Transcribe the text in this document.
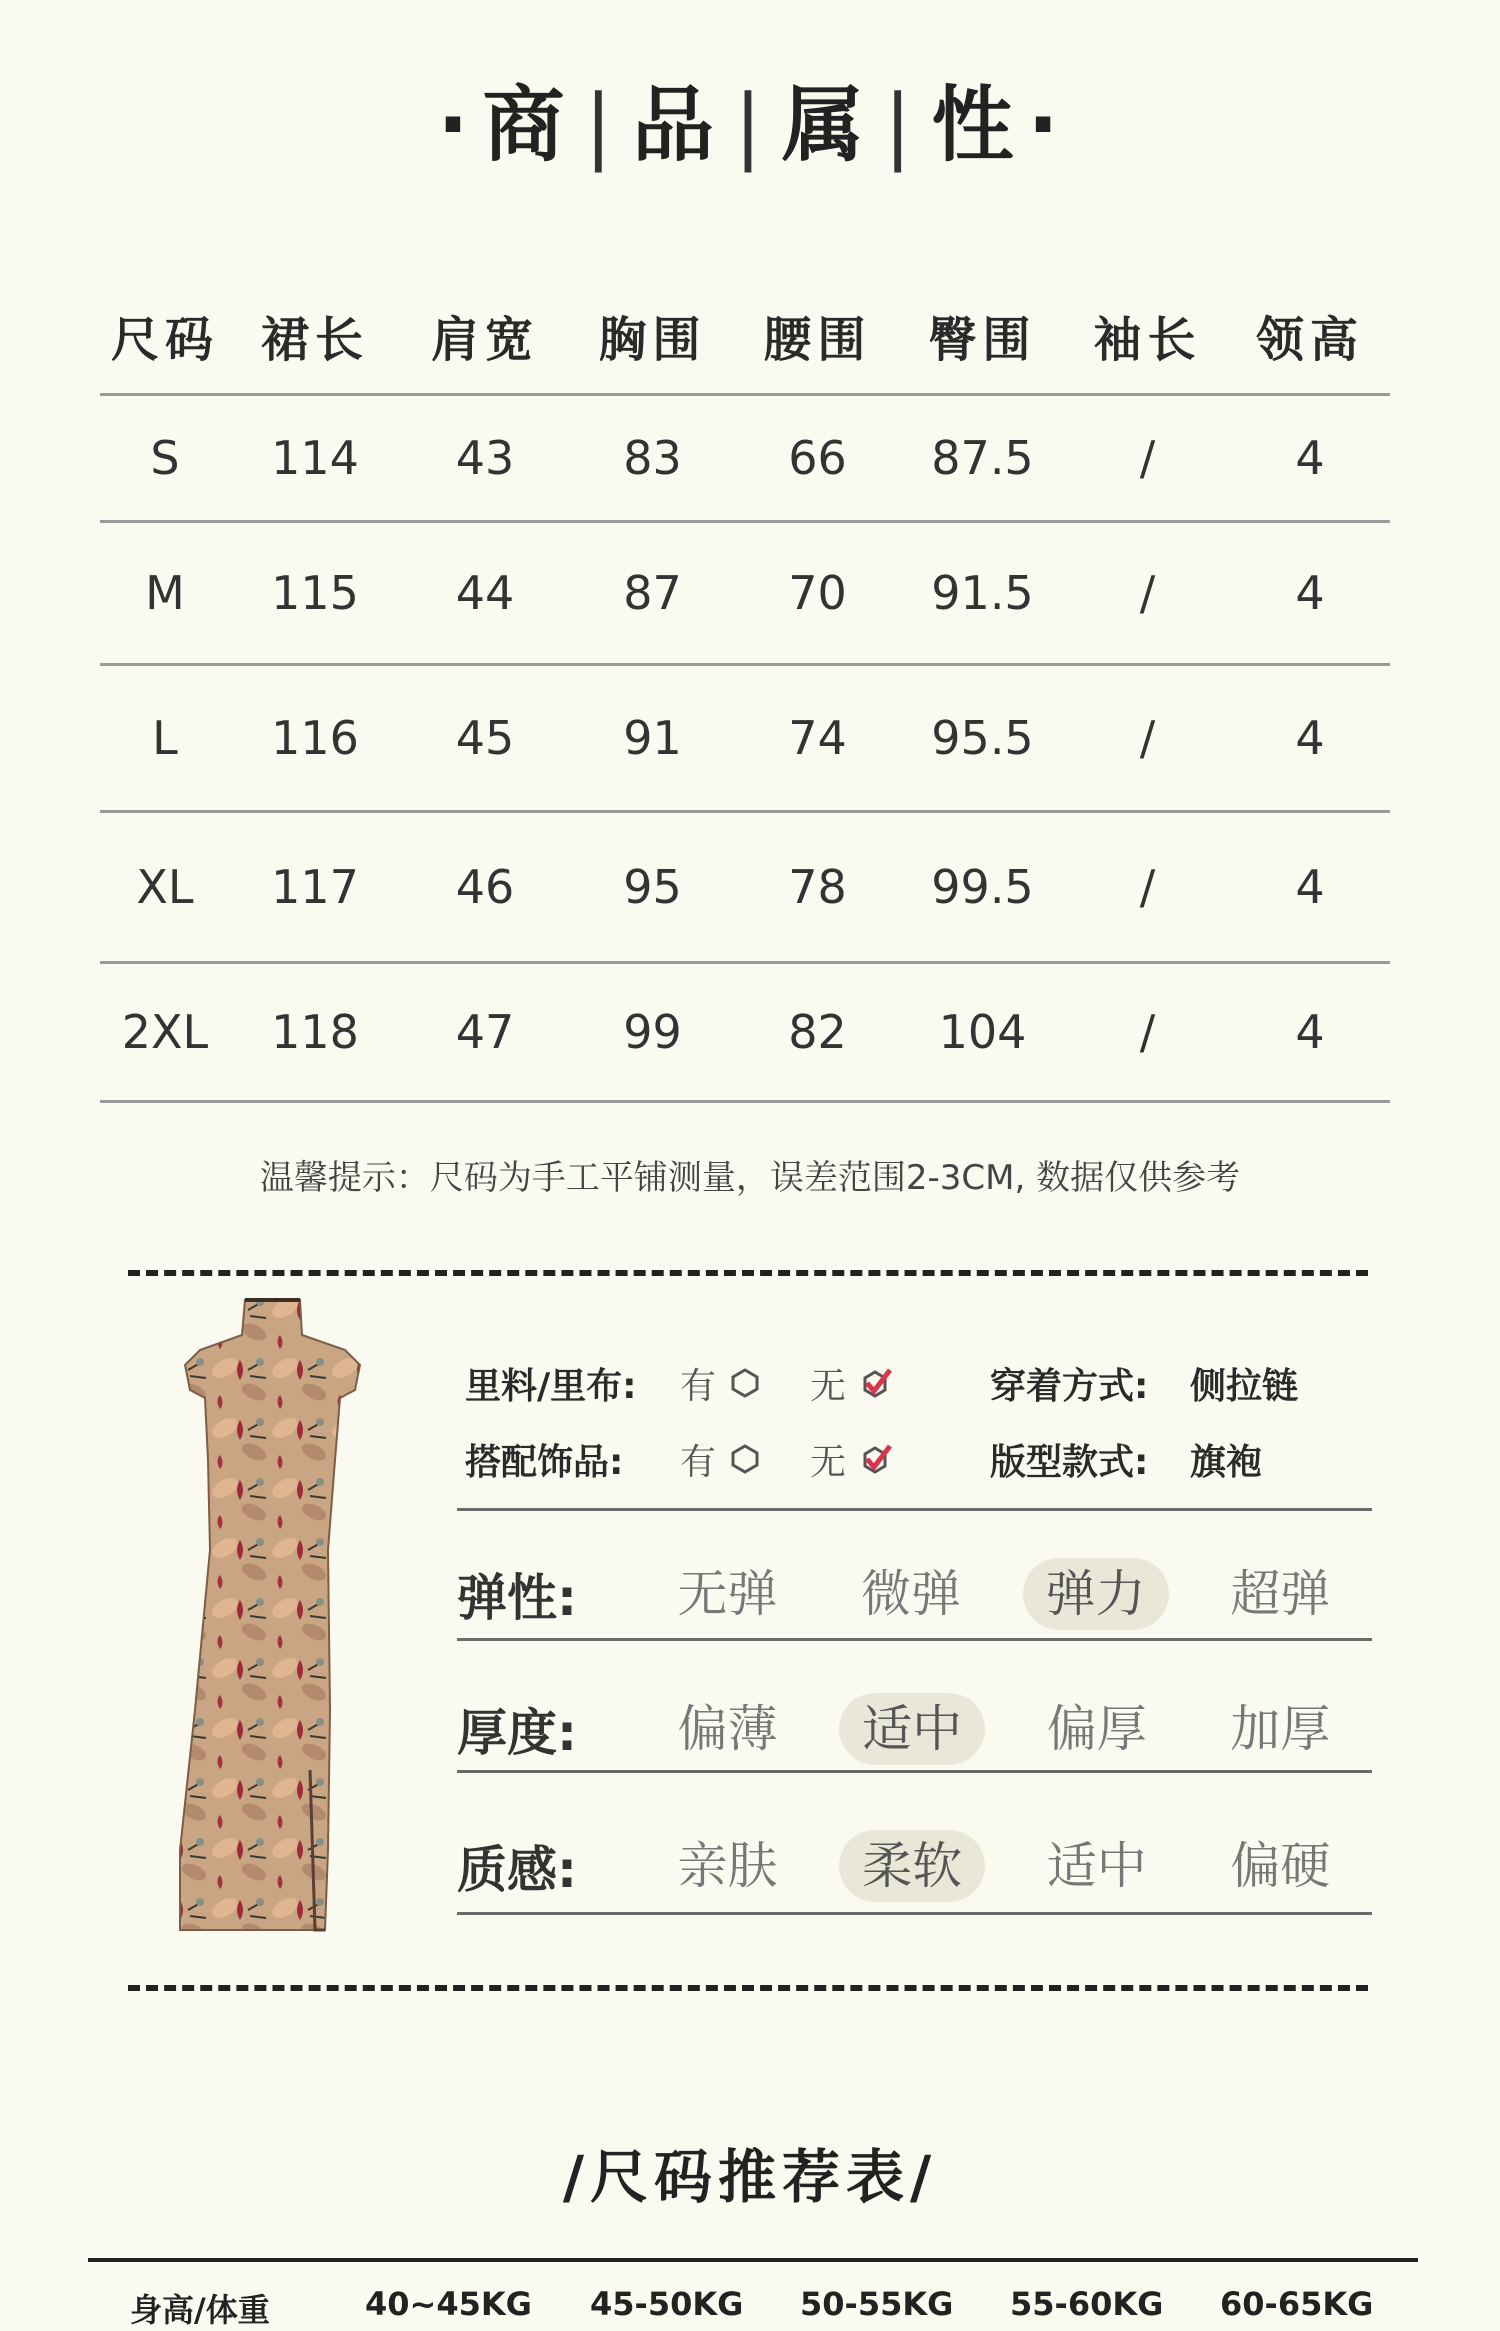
· 商 | 品 | 属 | 性 ·
尺码 裙长	肩宽	胸围	腰围	臀围	袖长	领高
S	114	43	83	66	87.5	/	4
M	115	44	87	70	91.5	/	4
L	116	45	91	74	95.5	/	4
XL	117	46	95	78	99.5	/	4
2XL	118	47	99	82	104	/	4
温馨提示：尺码为手工平铺测量，误差范围2-3CM, 数据仅供参考
里料/里布:	有	无	穿着方式:	侧拉链
搭配饰品:	有	无	版型款式:	旗袍
弹性:	无弹	微弹	弹力	超弹
厚度:	偏薄	适中	偏厚	加厚
质感:	亲肤	柔软	适中	偏硬
/尺码推荐表/
身高/体重	40~45KG	45-50KG	50-55KG	55-60KG	60-65KG
